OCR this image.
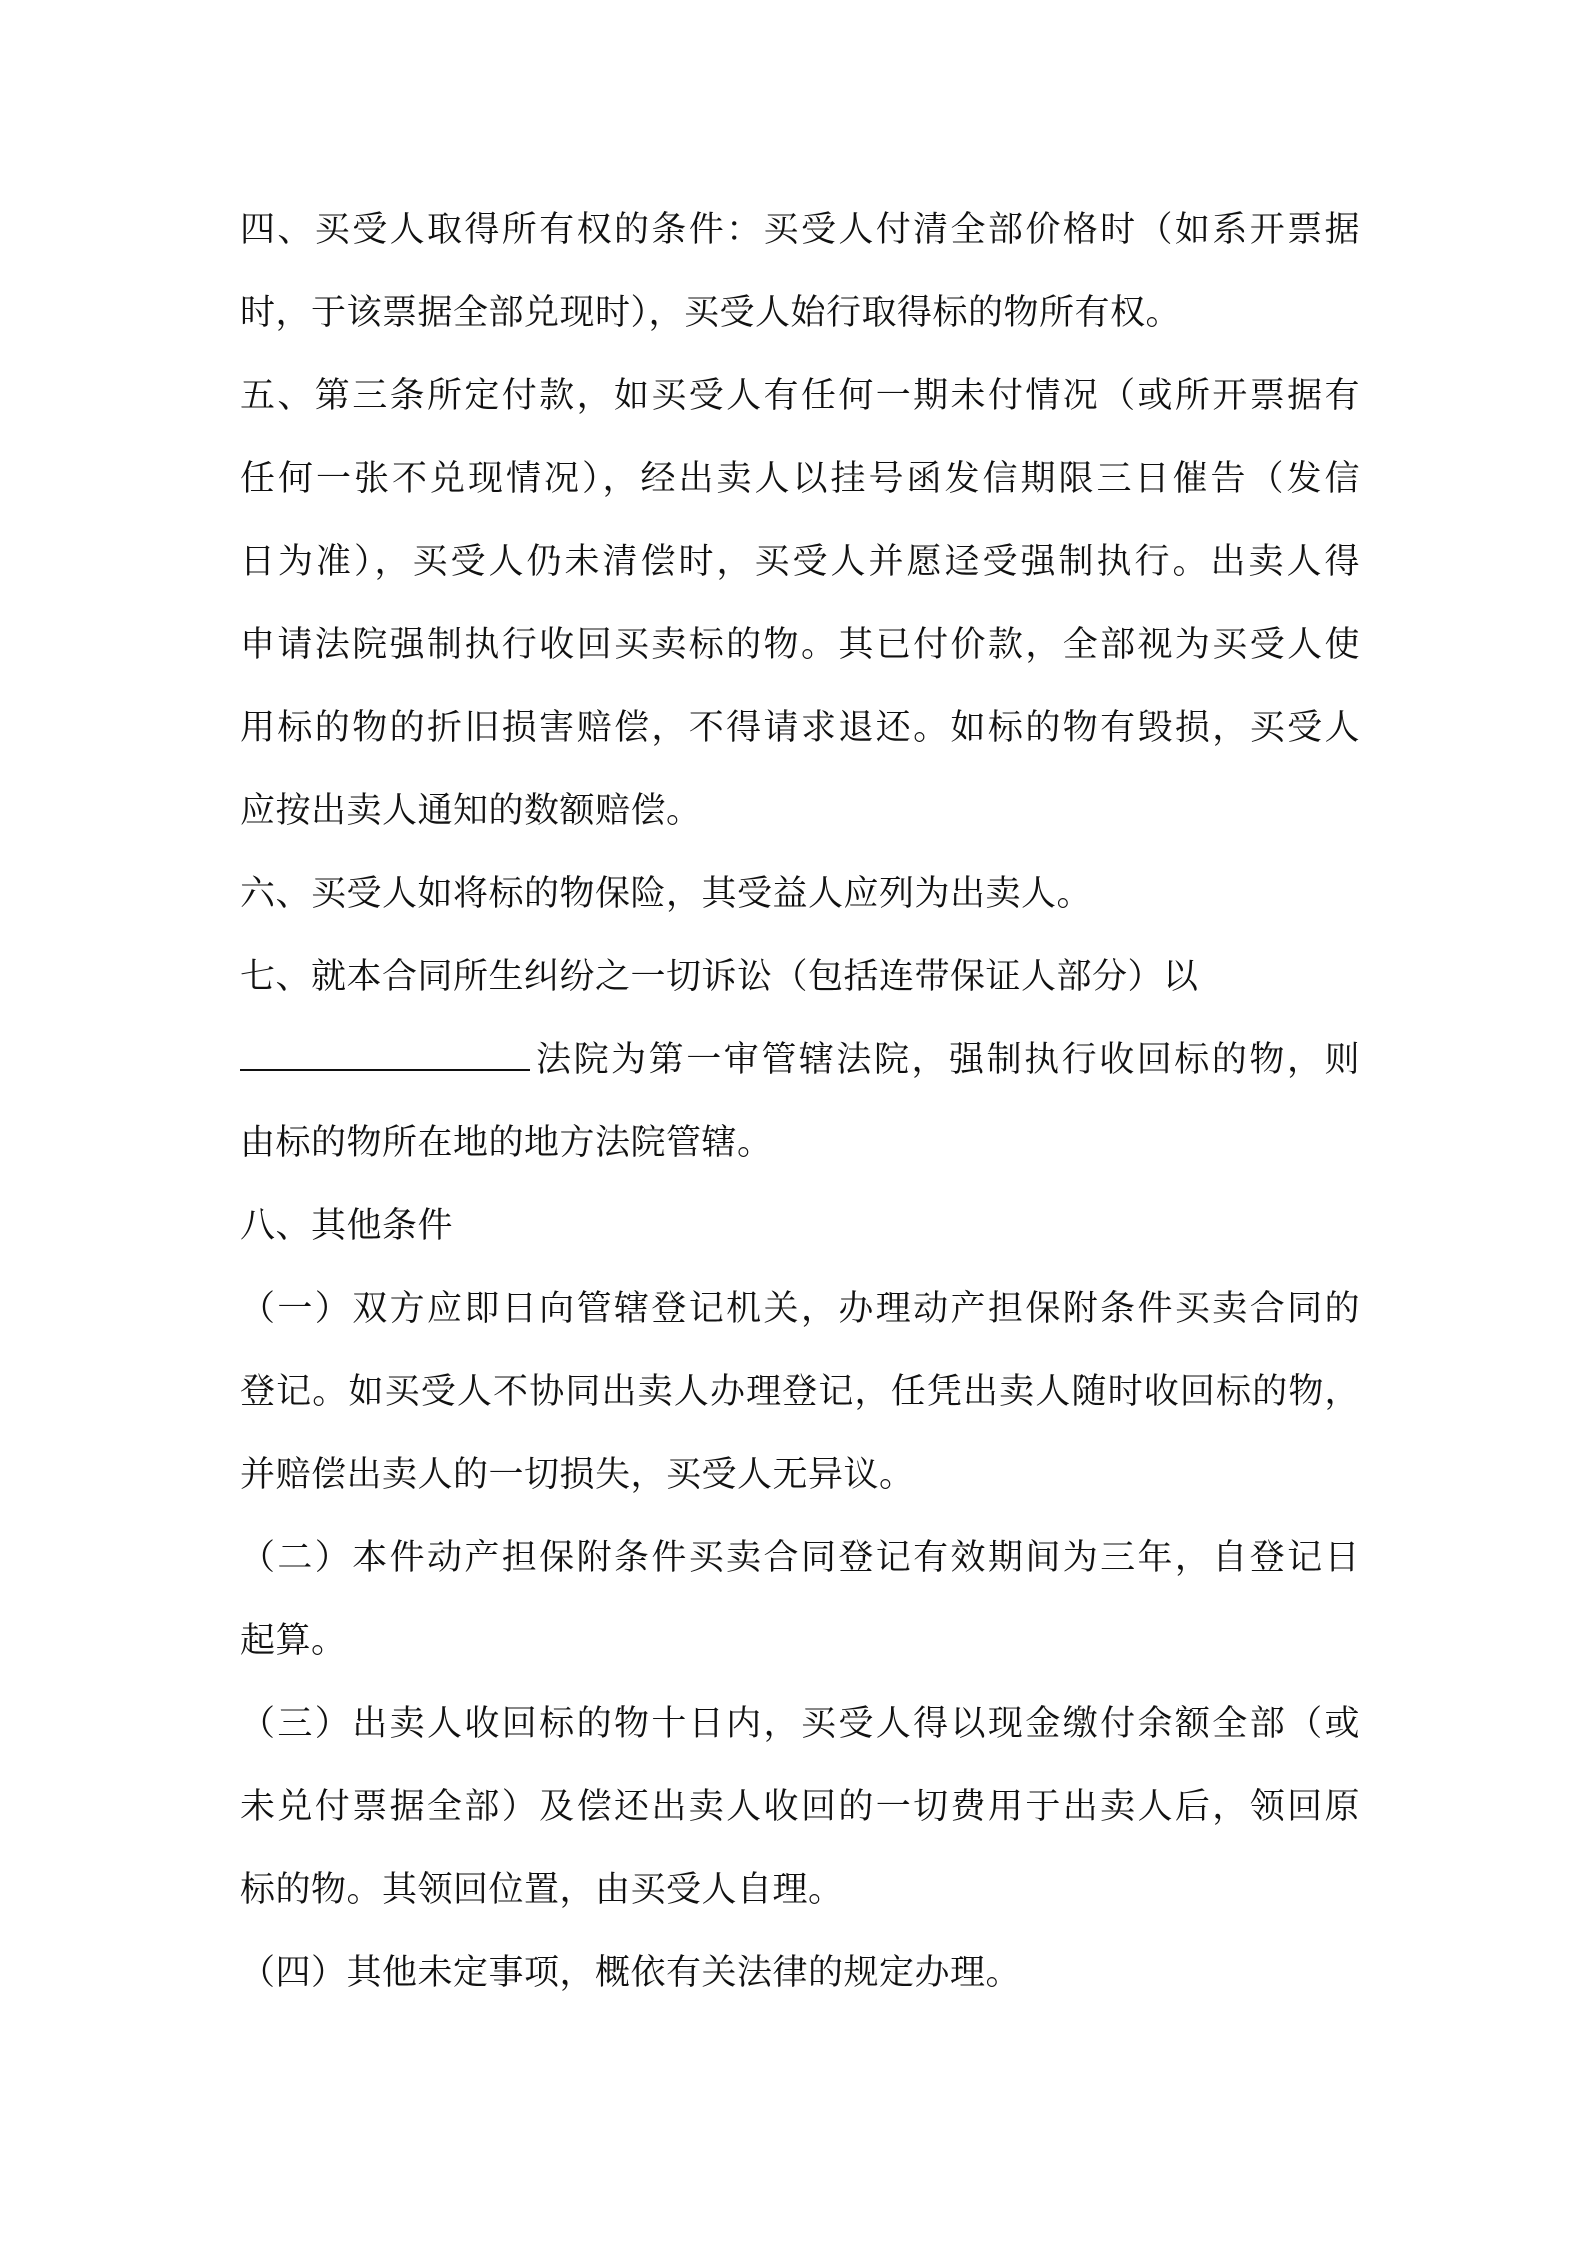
四、买受人取得所有权的条件：买受人付清全部价格时（如系开票据
时，于该票据全部兑现时），买受人始行取得标的物所有权。
五、第三条所定付款，如买受人有任何一期未付情况（或所开票据有
任何一张不兑现情况），经出卖人以挂号函发信期限三日催告（发信
日为准），买受人仍未清偿时，买受人并愿迳受强制执行。出卖人得
申请法院强制执行收回买卖标的物。其已付价款，全部视为买受人使
用标的物的折旧损害赔偿，不得请求退还。如标的物有毁损，买受人
应按出卖人通知的数额赔偿。
六、买受人如将标的物保险，其受益人应列为出卖人。
七、就本合同所生纠纷之一切诉讼（包括连带保证人部分）以
法院为第一审管辖法院，强制执行收回标的物，则
由标的物所在地的地方法院管辖。
八、其他条件
（一）双方应即日向管辖登记机关，办理动产担保附条件买卖合同的
登记。如买受人不协同出卖人办理登记，任凭出卖人随时收回标的物，
并赔偿出卖人的一切损失，买受人无异议。
（二）本件动产担保附条件买卖合同登记有效期间为三年，自登记日
起算。
（三）出卖人收回标的物十日内，买受人得以现金缴付余额全部（或
未兑付票据全部）及偿还出卖人收回的一切费用于出卖人后，领回原
标的物。其领回位置，由买受人自理。
（四）其他未定事项，概依有关法律的规定办理。
